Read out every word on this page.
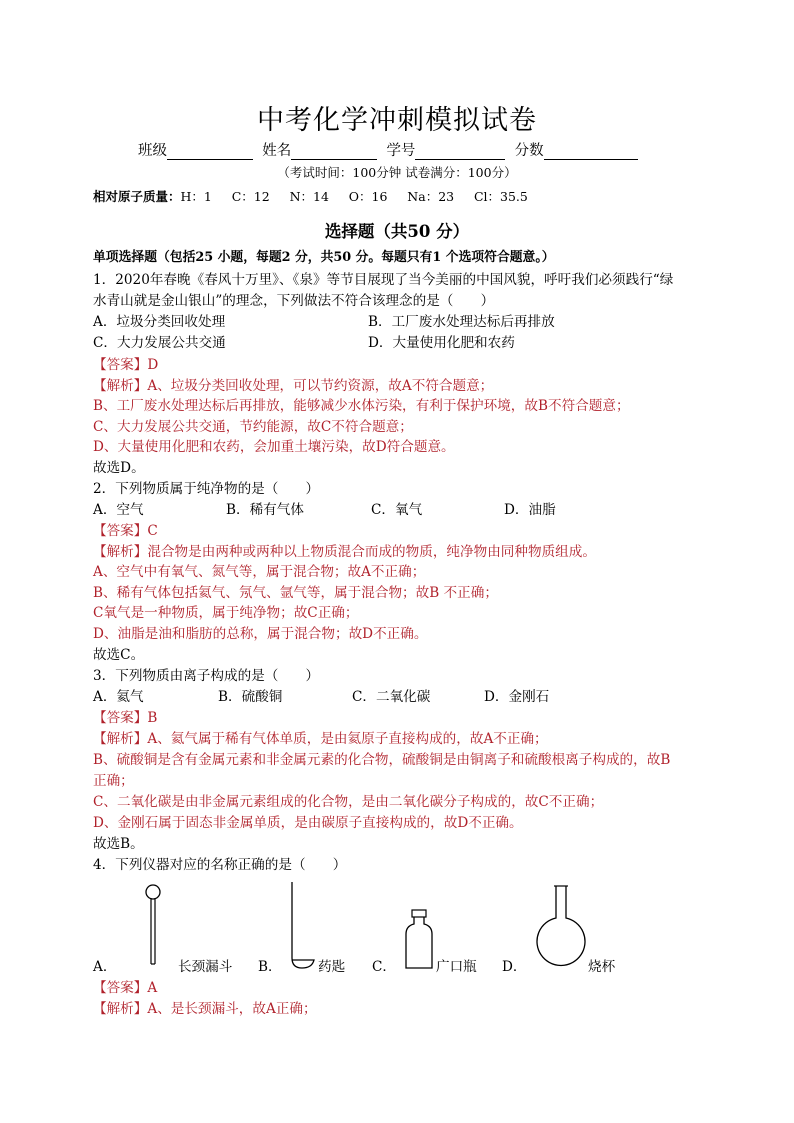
中考化学冲刺模拟试卷
班级	姓名	学号	分数
（考试时间：100分钟 试卷满分：100分）
相对原子质量：H：1     C：12     N：14     O：16     Na：23     Cl：35.5
选择题（共50 分）
单项选择题（包括25 小题，每题2 分，共50 分。每题只有1 个选项符合题意。）
1．2020年春晚《春风十万里》、《泉》等节目展现了当今美丽的中国风貌，呼吁我们必须践行“绿
水青山就是金山银山”的理念，下列做法不符合该理念的是（　　）
A．垃圾分类回收处理	B．工厂废水处理达标后再排放
C．大力发展公共交通	D．大量使用化肥和农药
【答案】D
【解析】A、垃圾分类回收处理，可以节约资源，故A不符合题意；
B、工厂废水处理达标后再排放，能够减少水体污染，有利于保护环境，故B不符合题意；
C、大力发展公共交通，节约能源，故C不符合题意；
D、大量使用化肥和农药，会加重土壤污染，故D符合题意。
故选D。
2．下列物质属于纯净物的是（　　）
A．空气	B．稀有气体	C．氧气	D．油脂
【答案】C
【解析】混合物是由两种或两种以上物质混合而成的物质，纯净物由同种物质组成。
A、空气中有氧气、氮气等，属于混合物；故A不正确；
B、稀有气体包括氦气、氖气、氩气等，属于混合物；故B 不正确；
C氧气是一种物质，属于纯净物；故C正确；
D、油脂是油和脂肪的总称，属于混合物；故D不正确。
故选C。
3．下列物质由离子构成的是（　　）
A．氦气	B．硫酸铜	C．二氧化碳	D．金刚石
【答案】B
【解析】A、氦气属于稀有气体单质，是由氦原子直接构成的，故A不正确；
B、硫酸铜是含有金属元素和非金属元素的化合物，硫酸铜是由铜离子和硫酸根离子构成的，故B
正确；
C、二氧化碳是由非金属元素组成的化合物，是由二氧化碳分子构成的，故C不正确；
D、金刚石属于固态非金属单质，是由碳原子直接构成的，故D不正确。
故选B。
4．下列仪器对应的名称正确的是（　　）
A．	长颈漏斗 B．	药匙 C．	广口瓶 D．	烧杯
【答案】A
【解析】A、是长颈漏斗，故A正确；
